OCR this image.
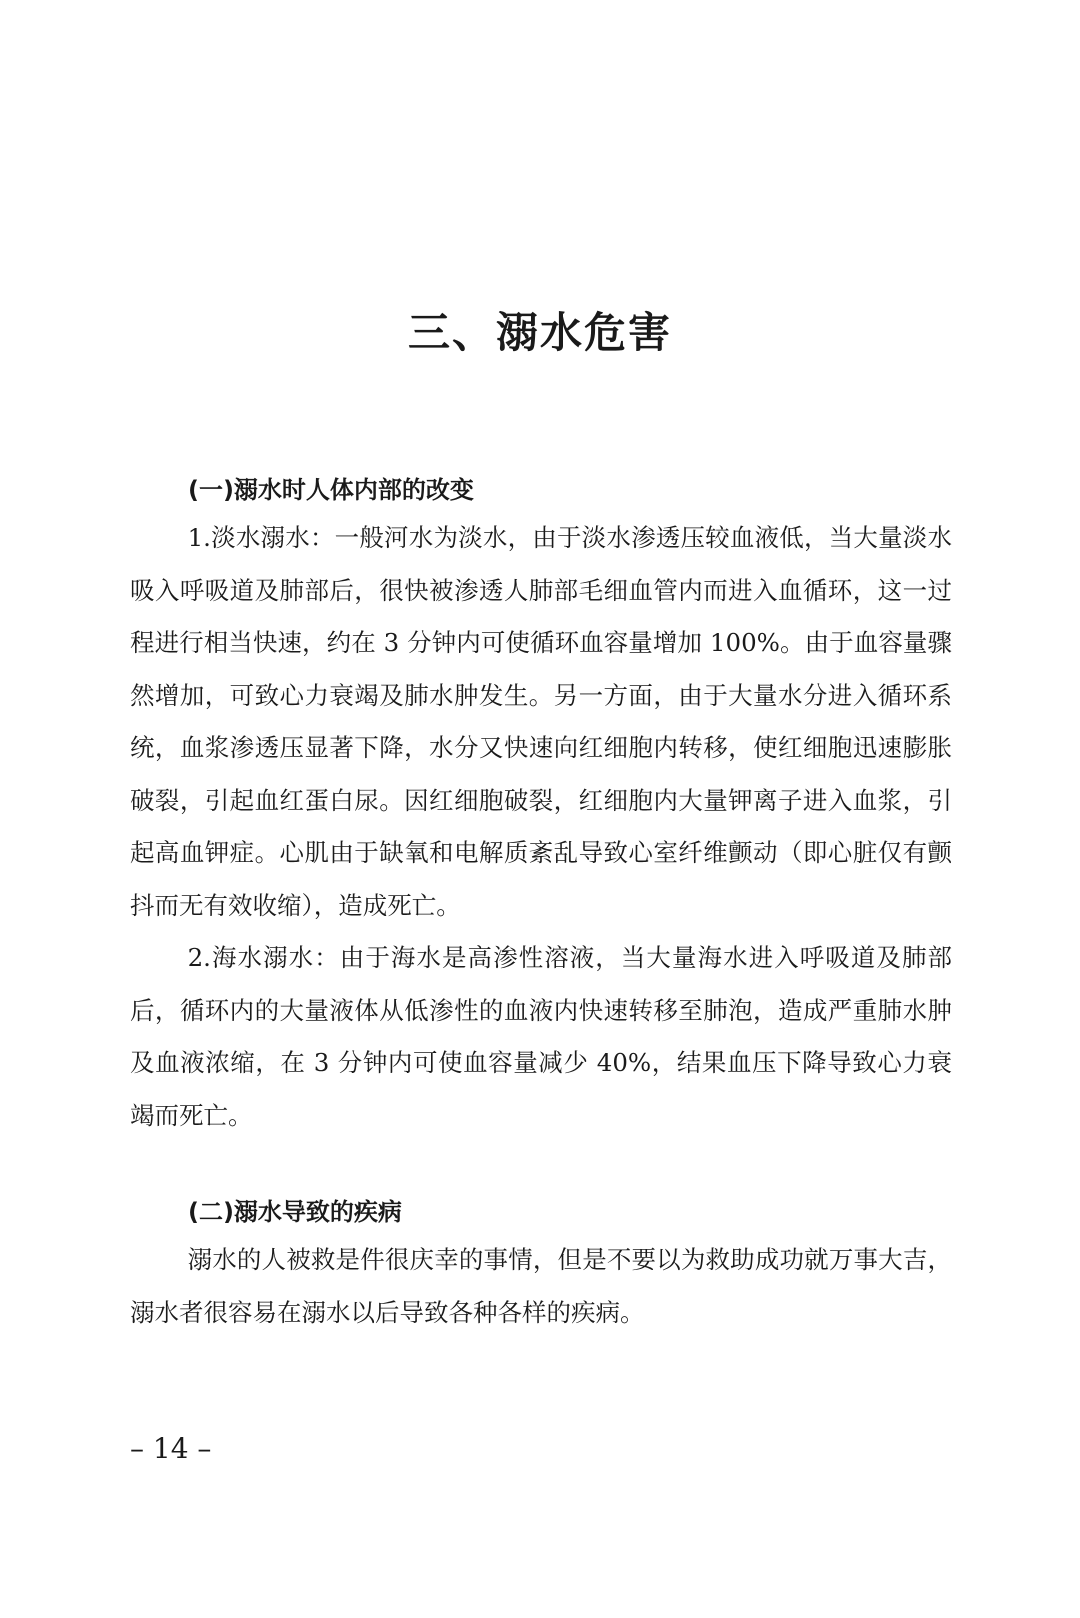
三、溺水危害
(一)溺水时人体内部的改变

1.淡水溺水：一般河水为淡水，由于淡水渗透压较血液低，当大量淡水吸入呼吸道及肺部后，很快被渗透人肺部毛细血管内而进入血循环，这一过程进行相当快速，约在 3 分钟内可使循环血容量增加 100%。由于血容量骤然增加，可致心力衰竭及肺水肿发生。另一方面，由于大量水分进入循环系统，血浆渗透压显著下降，水分又快速向红细胞内转移，使红细胞迅速膨胀破裂，引起血红蛋白尿。因红细胞破裂，红细胞内大量钾离子进入血浆，引起高血钾症。心肌由于缺氧和电解质紊乱导致心室纤维颤动（即心脏仅有颤抖而无有效收缩），造成死亡。

2.海水溺水：由于海水是高渗性溶液，当大量海水进入呼吸道及肺部后，循环内的大量液体从低渗性的血液内快速转移至肺泡，造成严重肺水肿及血液浓缩，在 3 分钟内可使血容量减少 40%，结果血压下降导致心力衰竭而死亡。

(二)溺水导致的疾病

溺水的人被救是件很庆幸的事情，但是不要以为救助成功就万事大吉，溺水者很容易在溺水以后导致各种各样的疾病。

– 14 –
